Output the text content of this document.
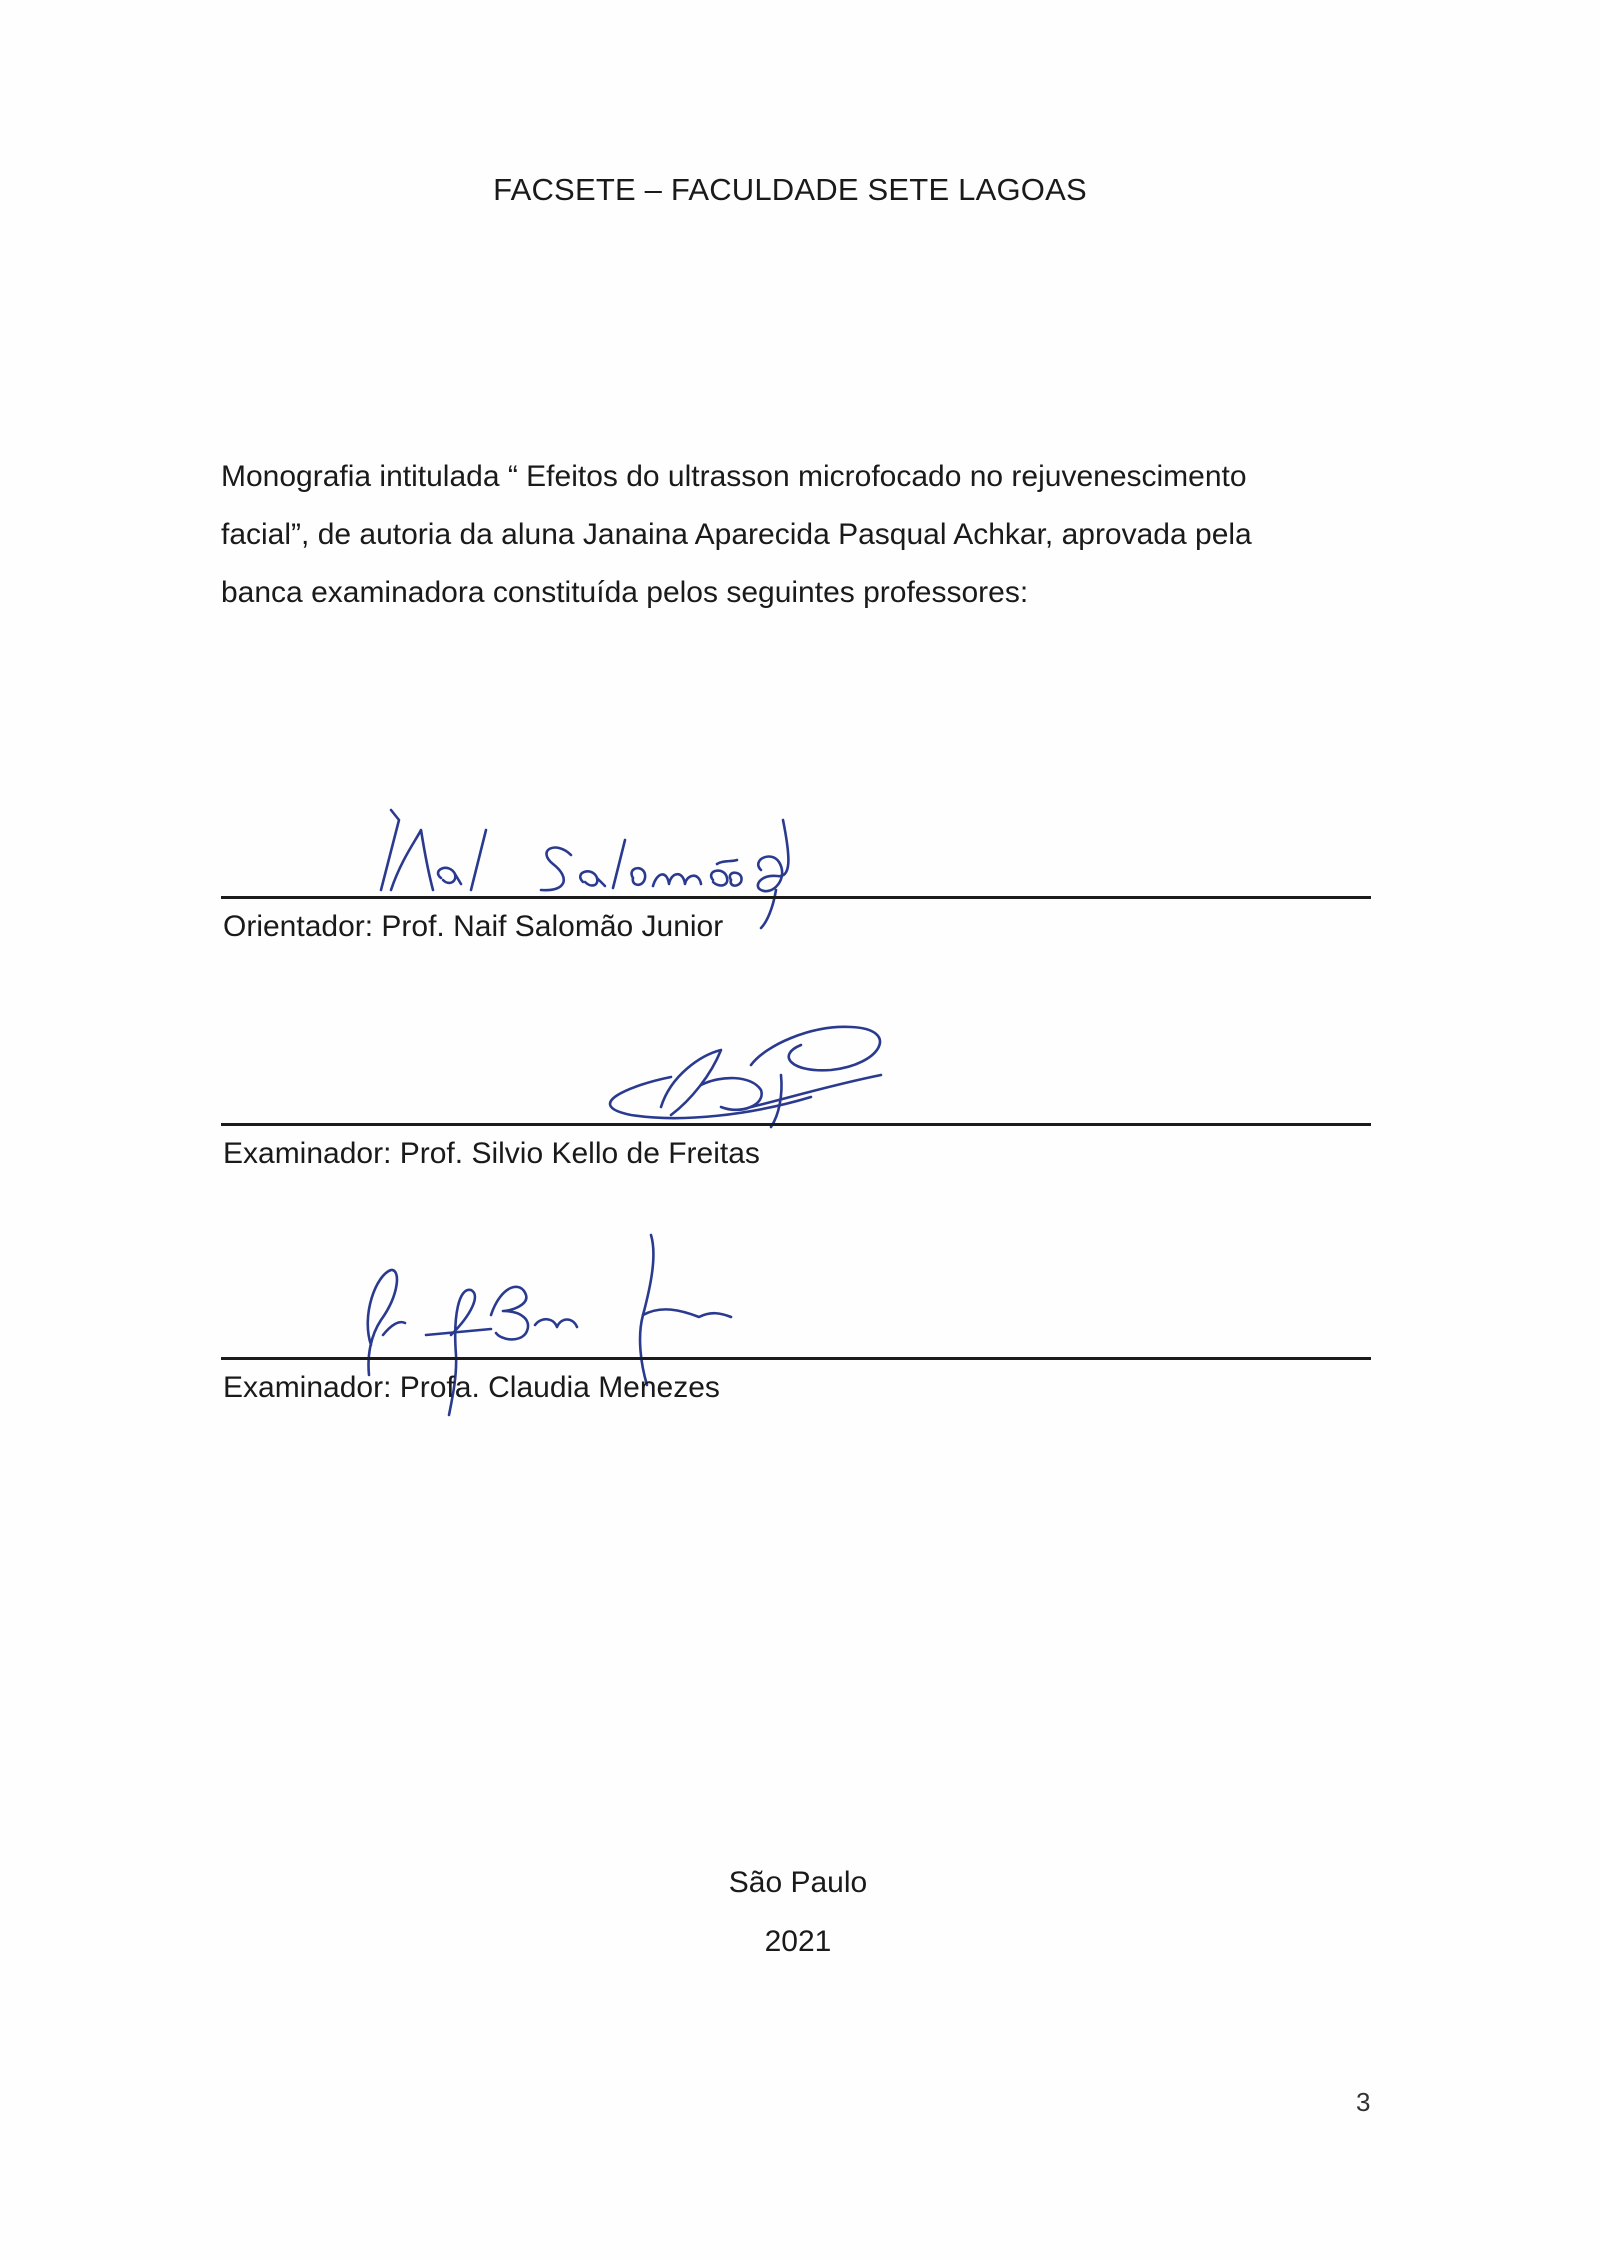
FACSETE – FACULDADE SETE LAGOAS

Monografia intitulada “ Efeitos do ultrasson microfocado no rejuvenescimento

facial”, de autoria da aluna Janaina Aparecida Pasqual Achkar, aprovada pela

banca examinadora constituída pelos seguintes professores:

Orientador: Prof. Naif Salomão Junior
Examinador: Prof. Silvio Kello de Freitas
Examinador: Profa. Claudia Menezes
São Paulo
2021
3
